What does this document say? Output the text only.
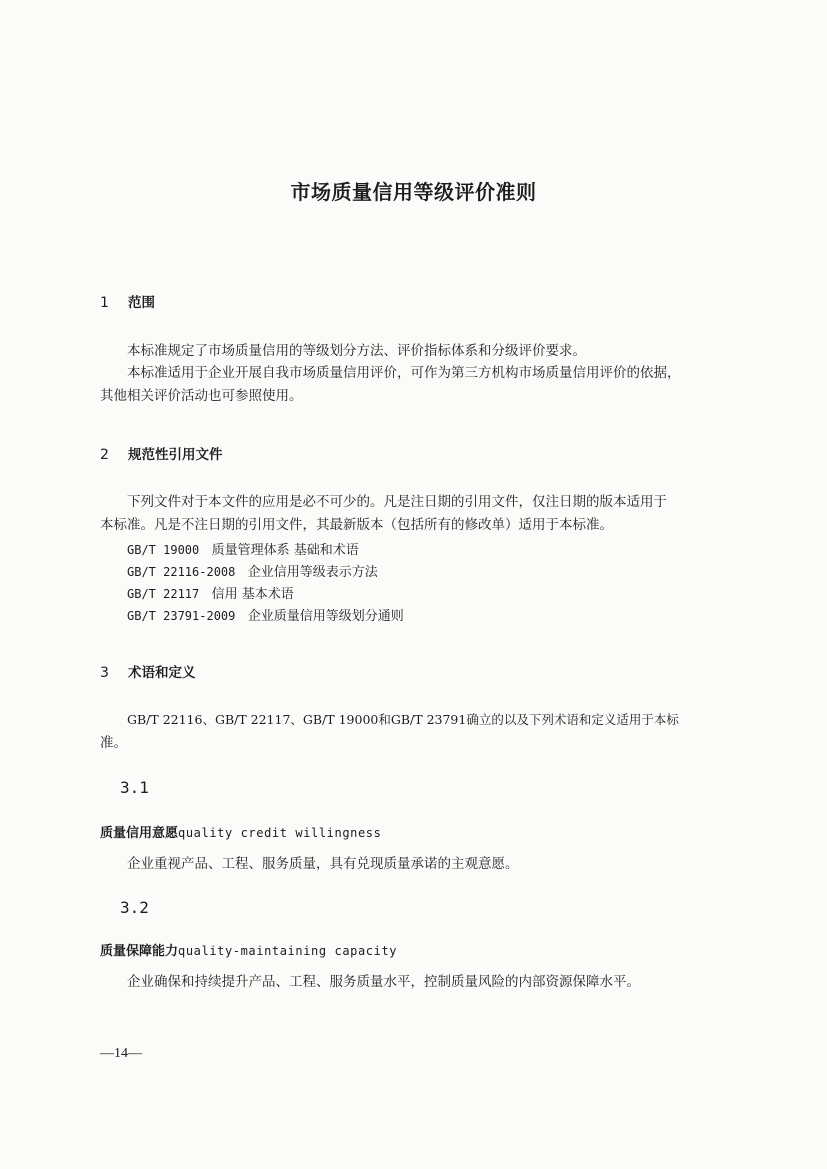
市场质量信用等级评价准则
1 范围
本标准规定了市场质量信用的等级划分方法、评价指标体系和分级评价要求。
本标准适用于企业开展自我市场质量信用评价，可作为第三方机构市场质量信用评价的依据，
其他相关评价活动也可参照使用。
2 规范性引用文件
下列文件对于本文件的应用是必不可少的。凡是注日期的引用文件，仅注日期的版本适用于
本标准。凡是不注日期的引用文件，其最新版本（包括所有的修改单）适用于本标准。
GB/T 19000 质量管理体系 基础和术语
GB/T 22116-2008 企业信用等级表示方法
GB/T 22117 信用 基本术语
GB/T 23791-2009 企业质量信用等级划分通则
3 术语和定义
GB/T 22116、GB/T 22117、GB/T 19000和GB/T 23791确立的以及下列术语和定义适用于本标
准。
3.1
质量信用意愿quality credit willingness
企业重视产品、工程、服务质量，具有兑现质量承诺的主观意愿。
3.2
质量保障能力quality-maintaining capacity
企业确保和持续提升产品、工程、服务质量水平，控制质量风险的内部资源保障水平。
—14—
